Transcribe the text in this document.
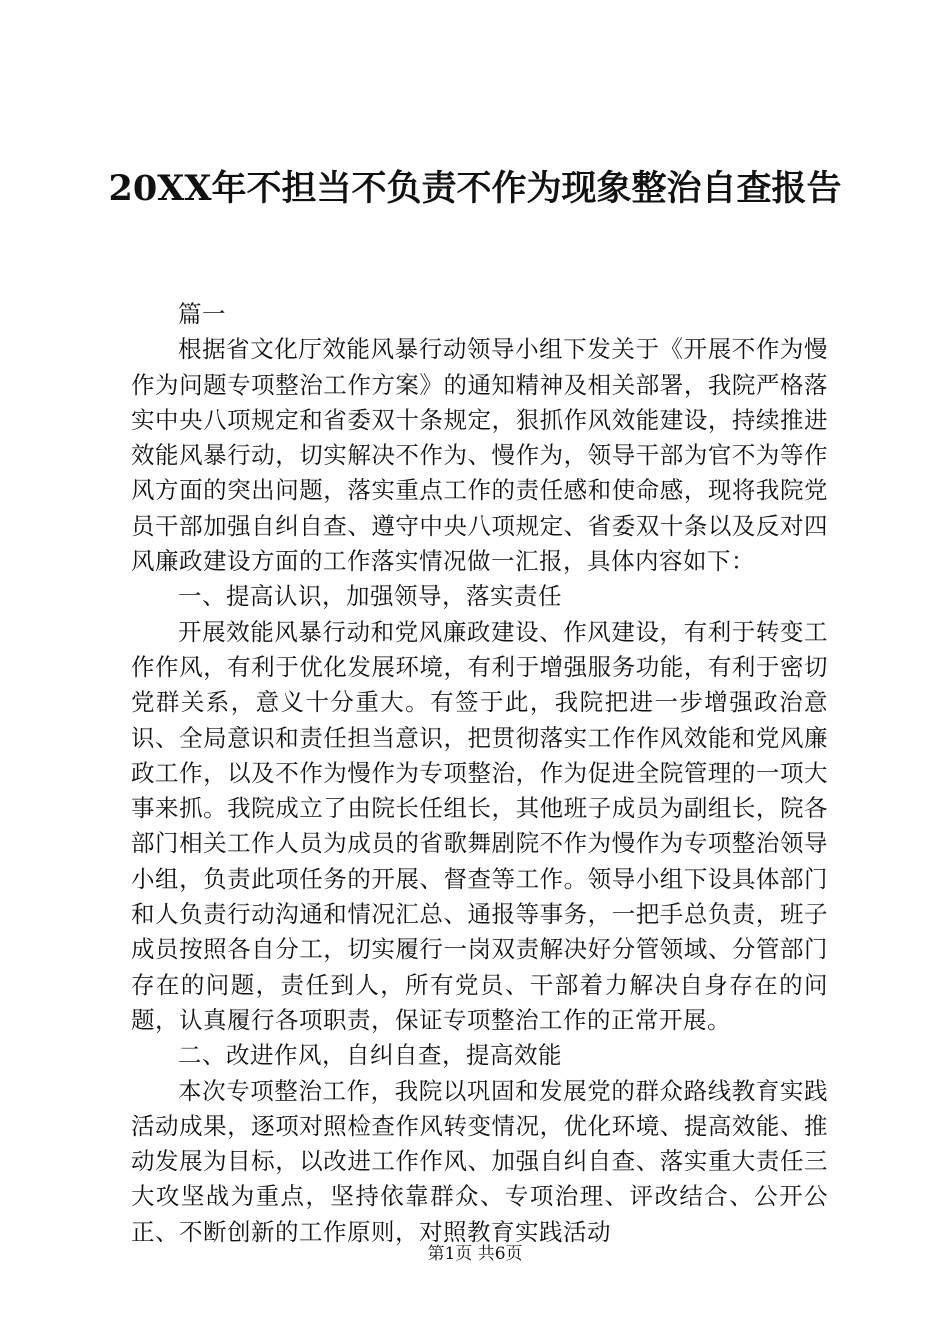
20XX年不担当不负责不作为现象整治自查报告

篇一

根据省文化厅效能风暴行动领导小组下发关于《开展不作为慢作为问题专项整治工作方案》的通知精神及相关部署，我院严格落实中央八项规定和省委双十条规定，狠抓作风效能建设，持续推进效能风暴行动，切实解决不作为、慢作为，领导干部为官不为等作风方面的突出问题，落实重点工作的责任感和使命感，现将我院党员干部加强自纠自查、遵守中央八项规定、省委双十条以及反对四风廉政建设方面的工作落实情况做一汇报，具体内容如下：

一、提高认识，加强领导，落实责任

开展效能风暴行动和党风廉政建设、作风建设，有利于转变工作作风，有利于优化发展环境，有利于增强服务功能，有利于密切党群关系，意义十分重大。有签于此，我院把进一步增强政治意识、全局意识和责任担当意识，把贯彻落实工作作风效能和党风廉政工作，以及不作为慢作为专项整治，作为促进全院管理的一项大事来抓。我院成立了由院长任组长，其他班子成员为副组长，院各部门相关工作人员为成员的省歌舞剧院不作为慢作为专项整治领导小组，负责此项任务的开展、督查等工作。领导小组下设具体部门和人负责行动沟通和情况汇总、通报等事务，一把手总负责，班子成员按照各自分工，切实履行一岗双责解决好分管领域、分管部门存在的问题，责任到人，所有党员、干部着力解决自身存在的问题，认真履行各项职责，保证专项整治工作的正常开展。

二、改进作风，自纠自查，提高效能

本次专项整治工作，我院以巩固和发展党的群众路线教育实践活动成果，逐项对照检查作风转变情况，优化环境、提高效能、推动发展为目标，以改进工作作风、加强自纠自查、落实重大责任三大攻坚战为重点，坚持依靠群众、专项治理、评改结合、公开公正、不断创新的工作原则，对照教育实践活动

第1页 共6页
